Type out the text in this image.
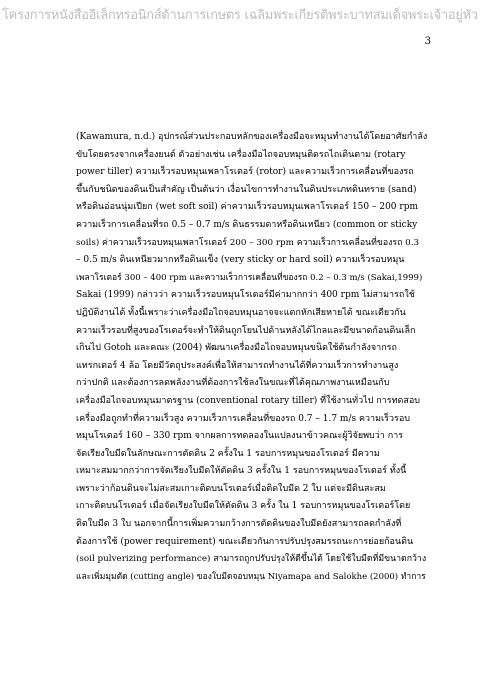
โครงการหนังสืออิเล็กทรอนิกส์ด้านการเกษตร เฉลิมพระเกียรติพระบาทสมเด็จพระเจ้าอยู่หัว
3
(Kawamura, n.d.) อุปกรณ์ส่วนประกอบหลักของเครื่องมือจะหมุนทำงานได้โดยอาศัยกำลัง
ขับโดยตรงจากเครื่องยนต์ ตัวอย่างเช่น เครื่องมือไถจอบหมุนติดรถไถเดินตาม (rotary
power tiller) ความเร็วรอบหมุนเพลาโรเตอร์ (rotor) และความเร็วการเคลื่อนที่ของรถ
ขึ้นกับชนิดของดินเป็นสำคัญ เป็นต้นว่า เงื่อนไขการทำงานในดินประเภทดินทราย (sand)
หรือดินอ่อนนุ่มเปียก (wet soft soil) ค่าความเร็วรอบหมุนเพลาโรเตอร์ 150 – 200 rpm
ความเร็วการเคลื่อนที่รถ 0.5 – 0.7 m/s ดินธรรมดาหรือดินเหนียว (common or sticky
soils) ค่าความเร็วรอบหมุนเพลาโรเตอร์ 200 – 300 rpm ความเร็วการเคลื่อนที่ของรถ 0.3
– 0.5 m/s ดินเหนียวมากหรือดินแข็ง (very sticky or hard soil) ความเร็วรอบหมุน
เพลาโรเตอร์ 300 – 400 rpm และความเร็วการเคลื่อนที่ของรถ 0.2 – 0.3 m/s (Sakai,1999)
Sakai (1999) กล่าวว่า ความเร็วรอบหมุนโรเตอร์มีค่ามากกว่า 400 rpm ไม่สามารถใช้
ปฏิบัติงานได้ ทั้งนี้เพราะว่าเครื่องมือไถจอบหมุนอาจจะแตกหักเสียหายได้ ขณะเดียวกัน
ความเร็วรอบที่สูงของโรเตอร์จะทำให้ดินถูกโยนไปด้านหลังได้ไกลและมีขนาดก้อนดินเล็ก
เกินไป Gotoh และคณะ (2004) พัฒนาเครื่องมือไถจอบหมุนขนิดใช้ต้นกำลังจากรถ
แทรกเตอร์ 4 ล้อ โดยมีวัตถุประสงค์เพื่อให้สามารถทำงานได้ที่ความเร็วการทำงานสูง
กว่าปกติ และต้องการลดพลังงานที่ต้องการใช้ลงในขณะที่ได้คุณภาพงานเหมือนกับ
เครื่องมือไถจอบหมุนมาตรฐาน (conventional rotary tiller) ที่ใช้งานทั่วไป การทดสอบ
เครื่องมือถูกทำที่ความเร็วสูง ความเร็วการเคลื่อนที่ของรถ 0.7 – 1.7 m/s ความเร็วรอบ
หมุนโรเตอร์ 160 – 330 rpm จากผลการทดลองในแปลงนาข้าวคณะผู้วิจัยพบว่า การ
จัดเรียงใบมีดในลักษณะการตัดดิน 2 ครั้งใน 1 รอบการหมุนของโรเตอร์ มีความ
เหมาะสมมากกว่าการจัดเรียงใบมีดให้ตัดดิน 3 ครั้งใน 1 รอบการหมุนของโรเตอร์ ทั้งนี้
เพราะว่าก้อนดินจะไม่สะสมเกาะติดบนโรเตอร์เมื่อติดใบมีด 2 ใบ แต่จะมีดินสะสม
เกาะติดบนโรเตอร์ เมื่อจัดเรียงใบมีดให้ตัดดิน 3 ครั้ง ใน 1 รอบการหมุนของโรเตอร์โดย
ติดใบมีด 3 ใบ นอกจากนี้การเพิ่มความกว้างการตัดดินของใบมีดยังสามารถลดกำลังที่
ต้องการใช้ (power requirement) ขณะเดียวกันการปรับปรุงสมรรถนะการย่อยก้อนดิน
(soil pulverizing performance) สามารถถูกปรับปรุงให้ดีขึ้นได้ โดยใช้ใบมีดที่มีขนาดกว้าง
และเพิ่มมุมตัด (cutting angle) ของใบมีดจอบหมุน Niyamapa and Salokhe (2000) ทำการ
